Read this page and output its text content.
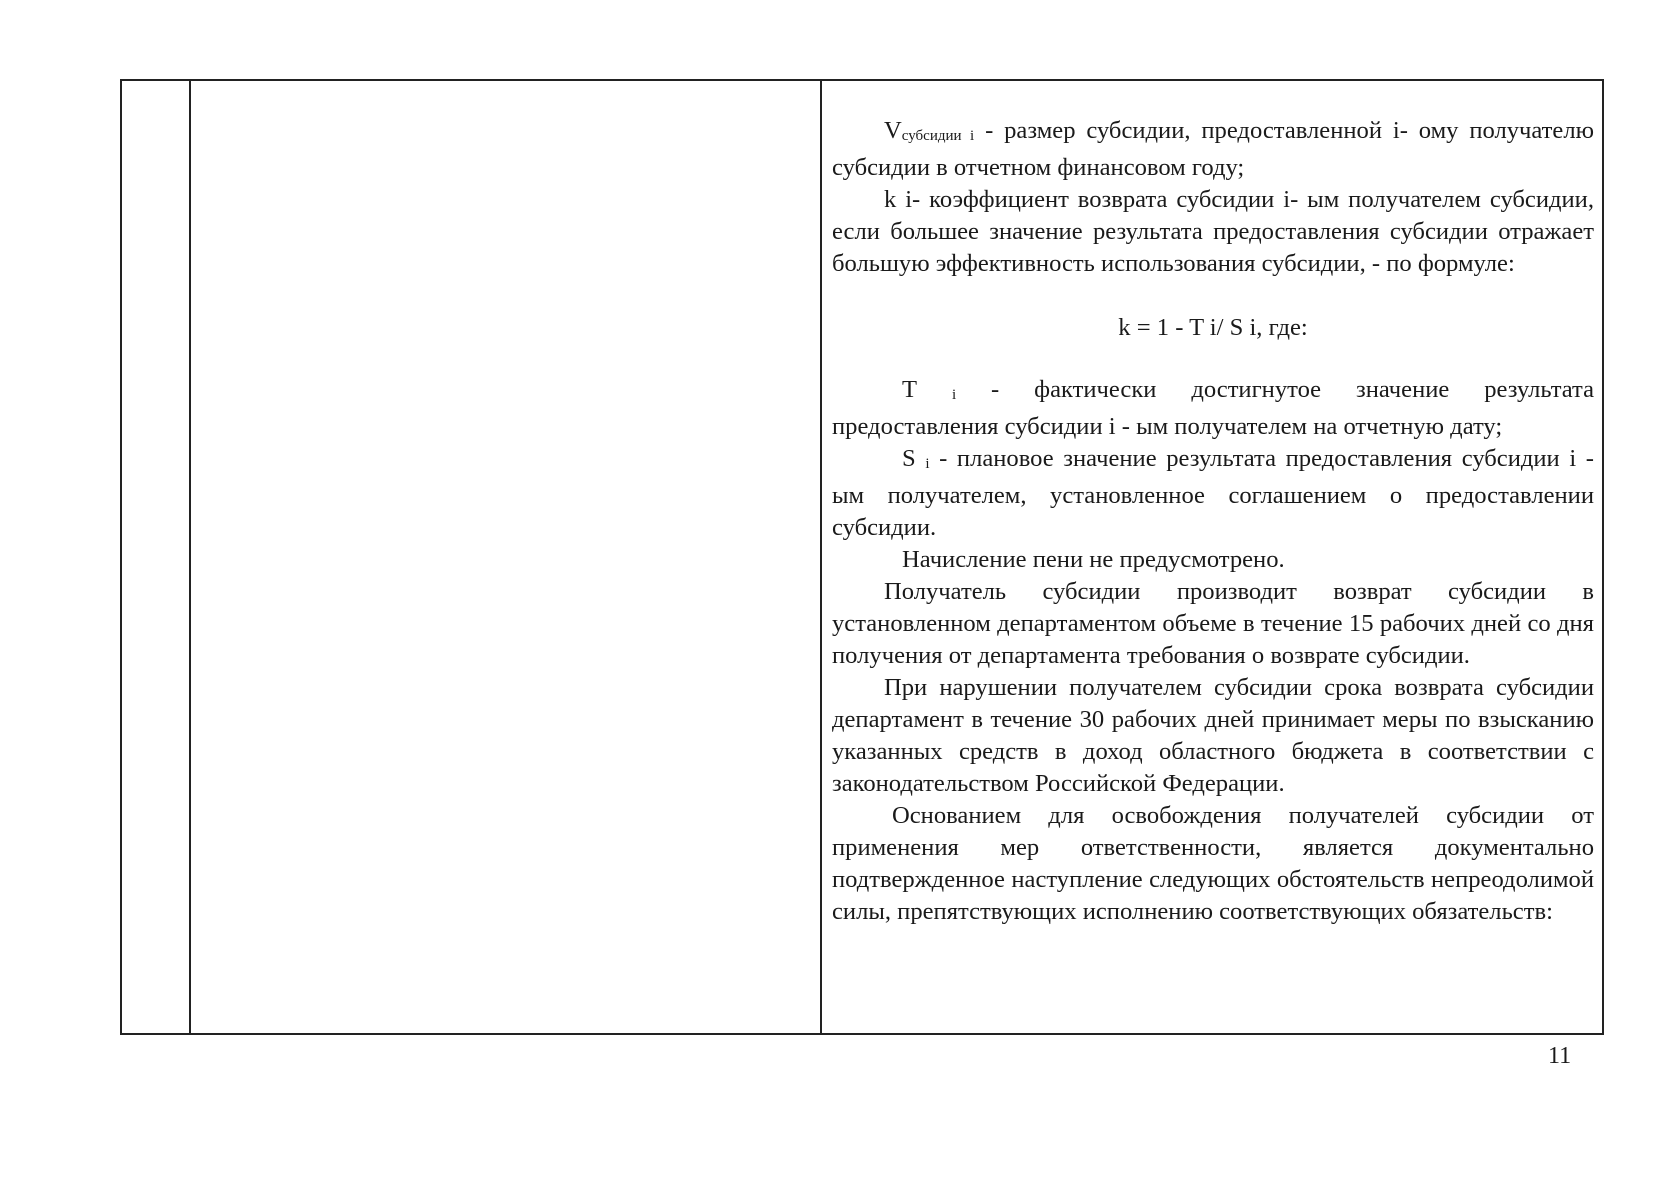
Vсубсидии i - размер субсидии, предоставленной i- ому получателю субсидии в отчетном финансовом году;

k i- коэффициент возврата субсидии i- ым получателем субсидии, если большее значение результата предоставления субсидии отражает большую эффективность использования субсидии, - по формуле:

k = 1 - T i/ S i, где:

T i - фактически достигнутое значение результата предоставления субсидии i - ым получателем на отчетную дату;

S i - плановое значение результата предоставления субсидии i - ым получателем, установленное соглашением о предоставлении субсидии.

Начисление пени не предусмотрено.

Получатель субсидии производит возврат субсидии в установленном департаментом объеме в течение 15 рабочих дней со дня получения от департамента требования о возврате субсидии.

При нарушении получателем субсидии срока возврата субсидии департамент в течение 30 рабочих дней принимает меры по взысканию указанных средств в доход областного бюджета в соответствии с законодательством Российской Федерации.

Основанием для освобождения получателей субсидии от применения мер ответственности, является документально подтвержденное наступление следующих обстоятельств непреодолимой силы, препятствующих исполнению соответствующих обязательств:

11
